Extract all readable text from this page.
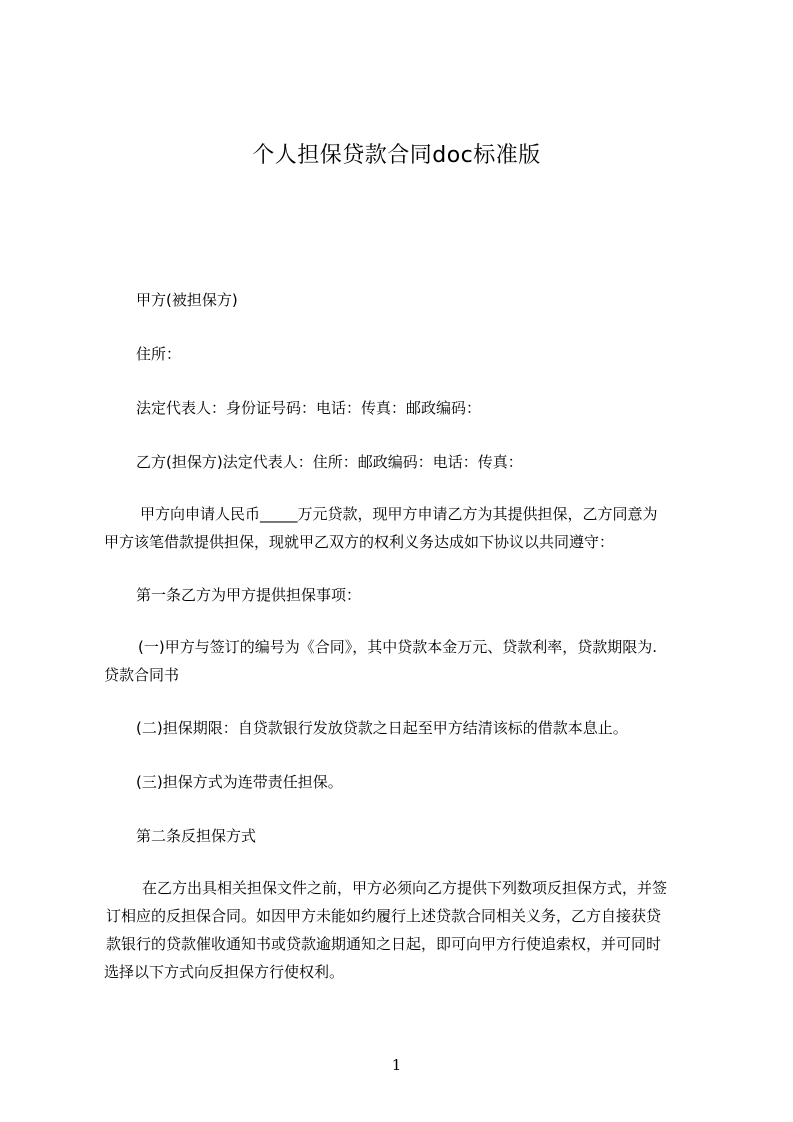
个人担保贷款合同doc标准版
甲方(被担保方)
住所：
法定代表人：身份证号码：电话：传真：邮政编码：
乙方(担保方)法定代表人：住所：邮政编码：电话：传真：
甲方向申请人民币_____万元贷款，现甲方申请乙方为其提供担保，乙方同意为
甲方该笔借款提供担保，现就甲乙双方的权利义务达成如下协议以共同遵守：
第一条乙方为甲方提供担保事项：
(一)甲方与签订的编号为《合同》，其中贷款本金万元、贷款利率，贷款期限为.
贷款合同书
(二)担保期限：自贷款银行发放贷款之日起至甲方结清该标的借款本息止。
(三)担保方式为连带责任担保。
第二条反担保方式
在乙方出具相关担保文件之前，甲方必须向乙方提供下列数项反担保方式，并签
订相应的反担保合同。如因甲方未能如约履行上述贷款合同相关义务，乙方自接获贷
款银行的贷款催收通知书或贷款逾期通知之日起，即可向甲方行使追索权，并可同时
选择以下方式向反担保方行使权利。
1
